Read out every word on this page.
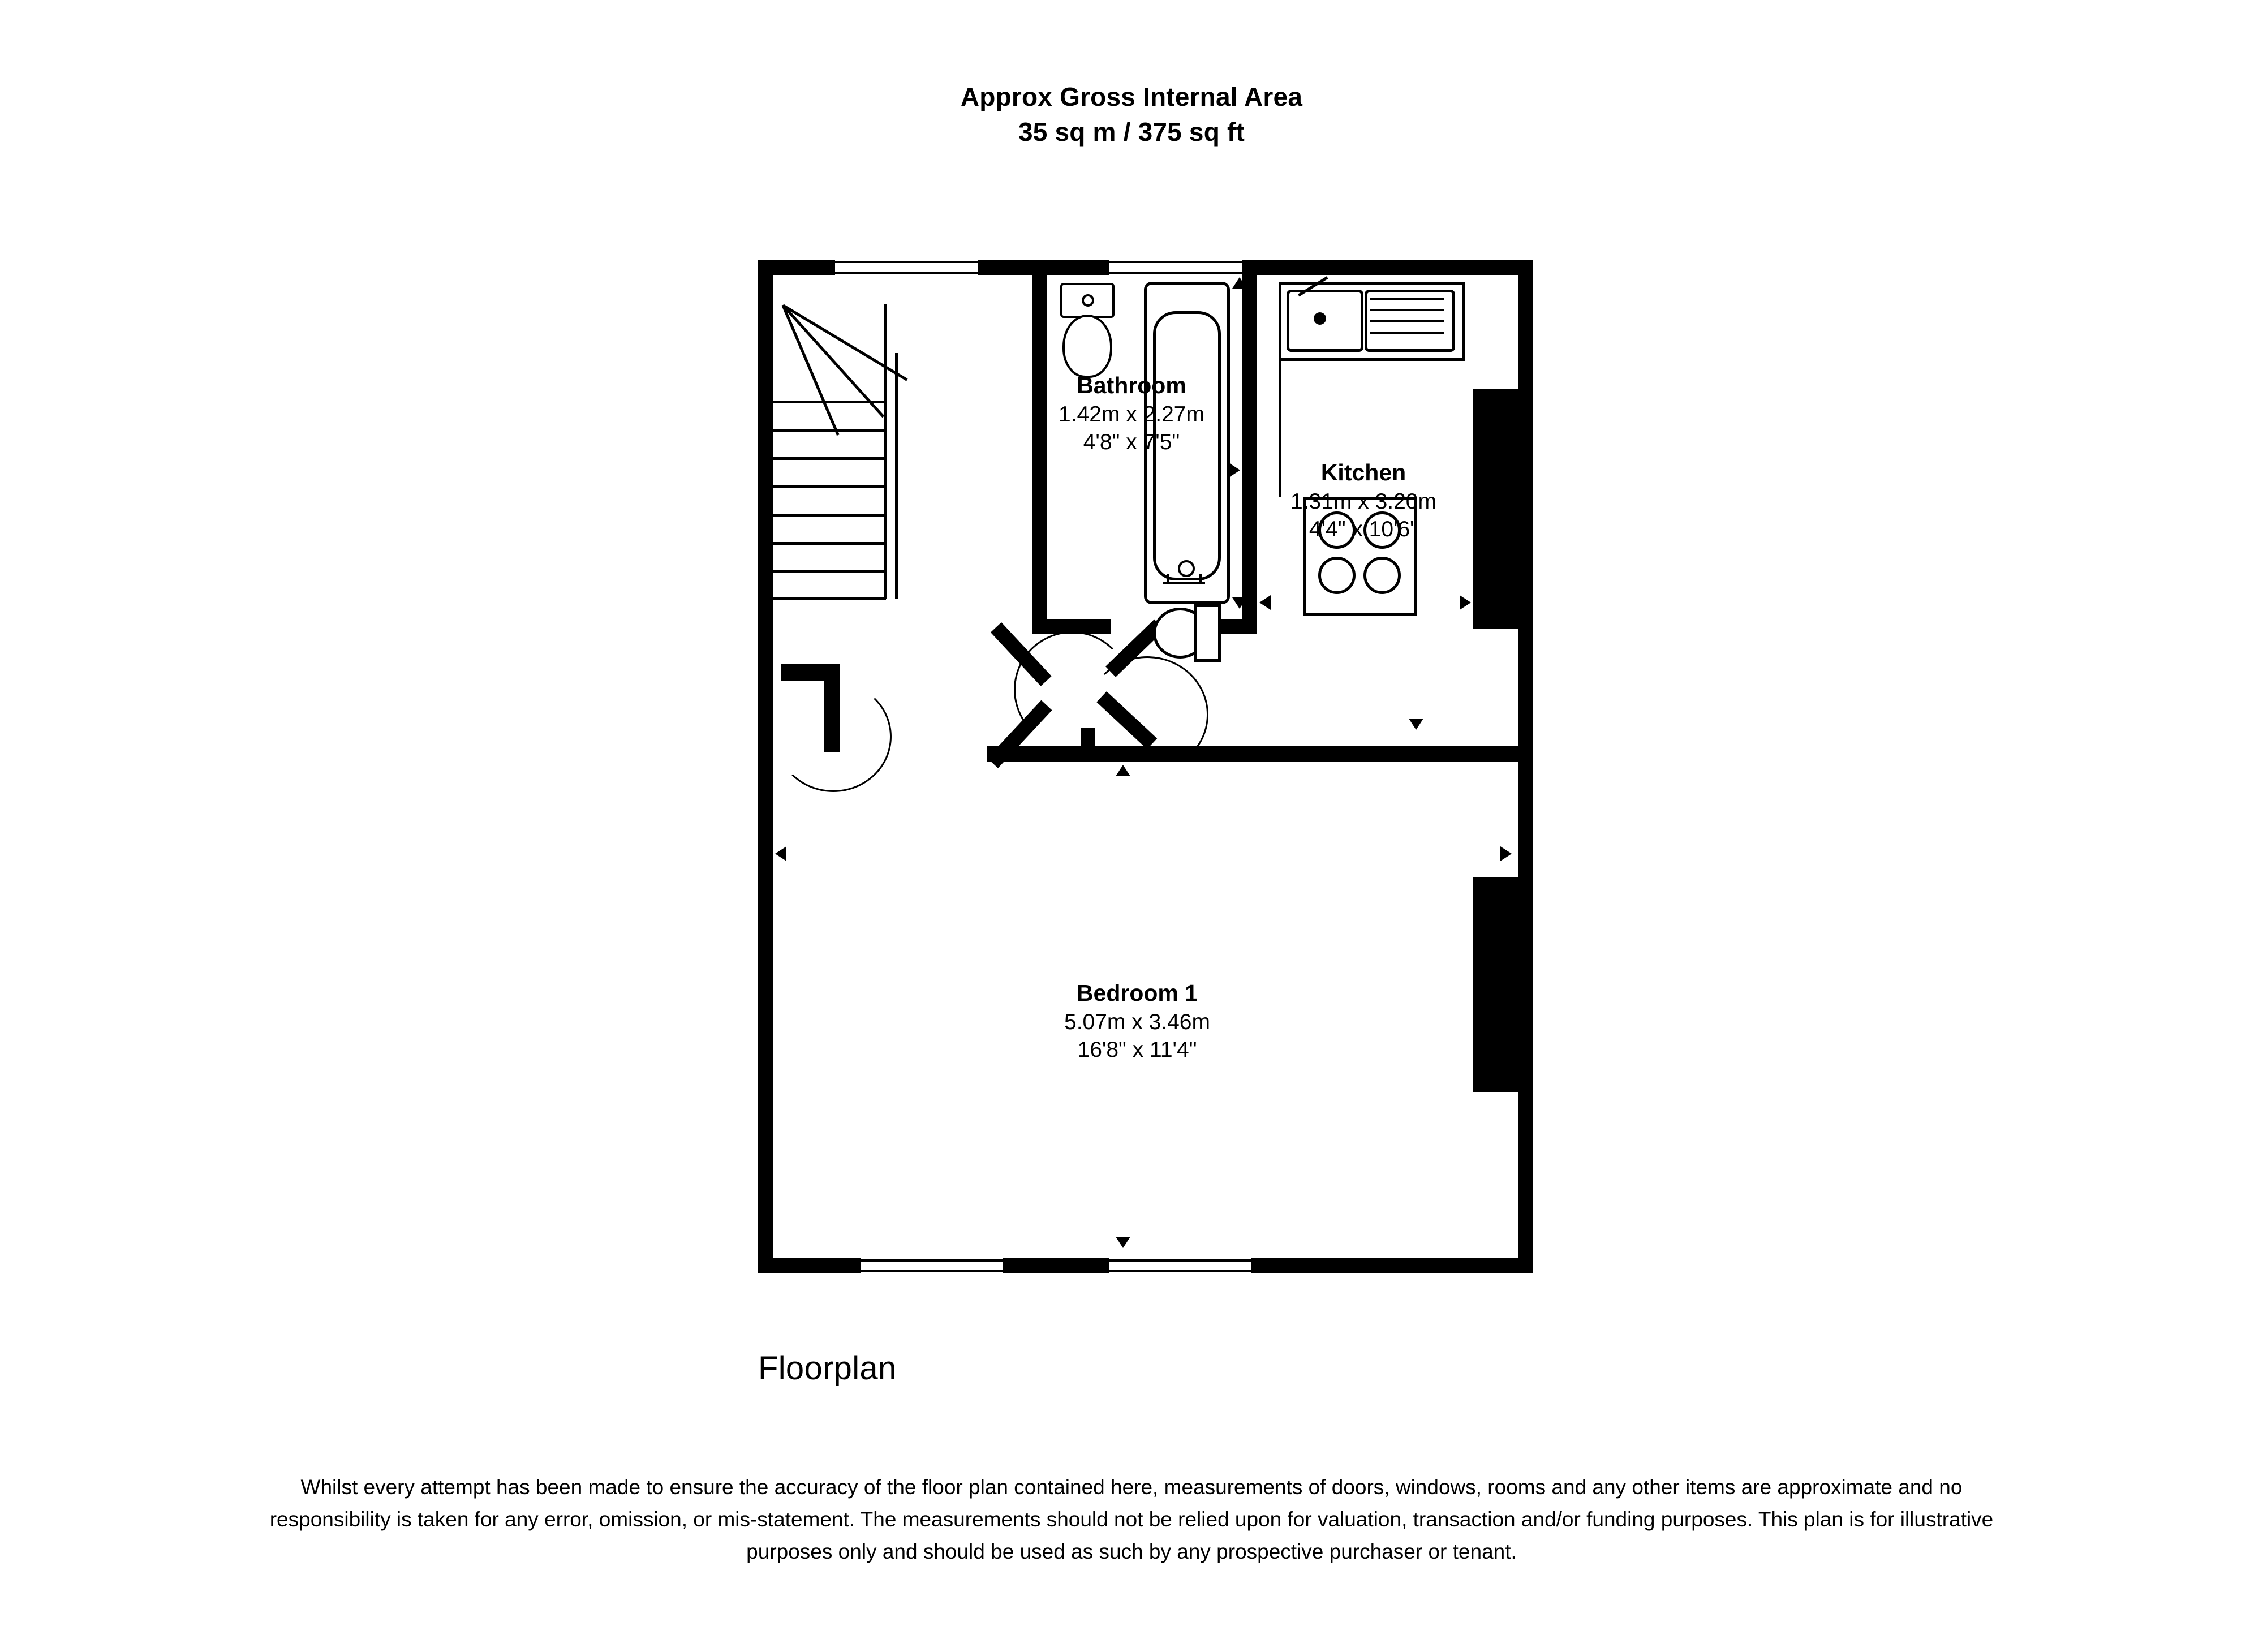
Approx Gross Internal Area
35 sq m / 375 sq ft
Bathroom
1.42m x 2.27m
4'8" x 7'5"
Kitchen
1.31m x 3.20m
4'4" x 10'6"
Bedroom 1
5.07m x 3.46m
16'8" x 11'4"
Floorplan
Whilst every attempt has been made to ensure the accuracy of the floor plan contained here, measurements of doors, windows, rooms and any other items are approximate and no responsibility is taken for any error, omission, or mis-statement. The measurements should not be relied upon for valuation, transaction and/or funding purposes. This plan is for illustrative purposes only and should be used as such by any prospective purchaser or tenant.
